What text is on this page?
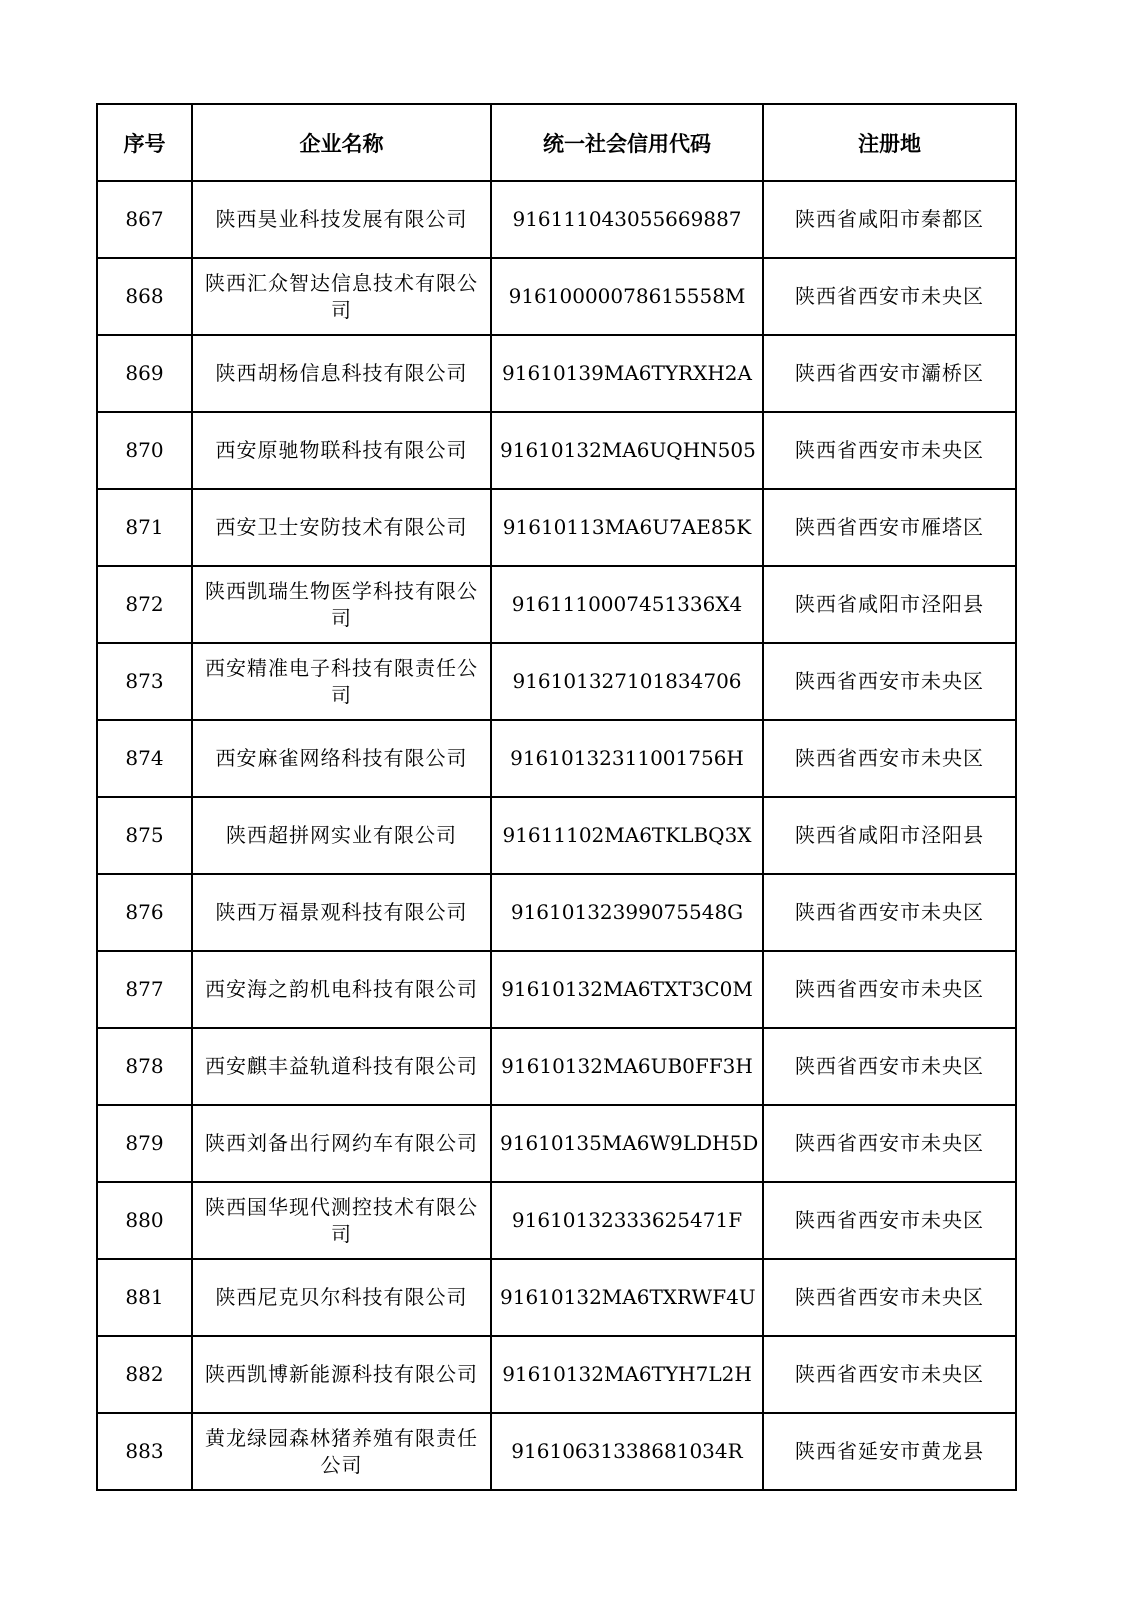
序号	企业名称	统一社会信用代码	注册地
867	陕西昊业科技发展有限公司	916111043055669887	陕西省咸阳市秦都区
868	陕西汇众智达信息技术有限公司	91610000078615558M	陕西省西安市未央区
869	陕西胡杨信息科技有限公司	91610139MA6TYRXH2A	陕西省西安市灞桥区
870	西安原驰物联科技有限公司	91610132MA6UQHN505	陕西省西安市未央区
871	西安卫士安防技术有限公司	91610113MA6U7AE85K	陕西省西安市雁塔区
872	陕西凯瑞生物医学科技有限公司	9161110007451336X4	陕西省咸阳市泾阳县
873	西安精准电子科技有限责任公司	916101327101834706	陕西省西安市未央区
874	西安麻雀网络科技有限公司	91610132311001756H	陕西省西安市未央区
875	陕西超拼网实业有限公司	91611102MA6TKLBQ3X	陕西省咸阳市泾阳县
876	陕西万福景观科技有限公司	91610132399075548G	陕西省西安市未央区
877	西安海之韵机电科技有限公司	91610132MA6TXT3C0M	陕西省西安市未央区
878	西安麒丰益轨道科技有限公司	91610132MA6UB0FF3H	陕西省西安市未央区
879	陕西刘备出行网约车有限公司	91610135MA6W9LDH5D	陕西省西安市未央区
880	陕西国华现代测控技术有限公司	91610132333625471F	陕西省西安市未央区
881	陕西尼克贝尔科技有限公司	91610132MA6TXRWF4U	陕西省西安市未央区
882	陕西凯博新能源科技有限公司	91610132MA6TYH7L2H	陕西省西安市未央区
883	黄龙绿园森林猪养殖有限责任公司	91610631338681034R	陕西省延安市黄龙县
